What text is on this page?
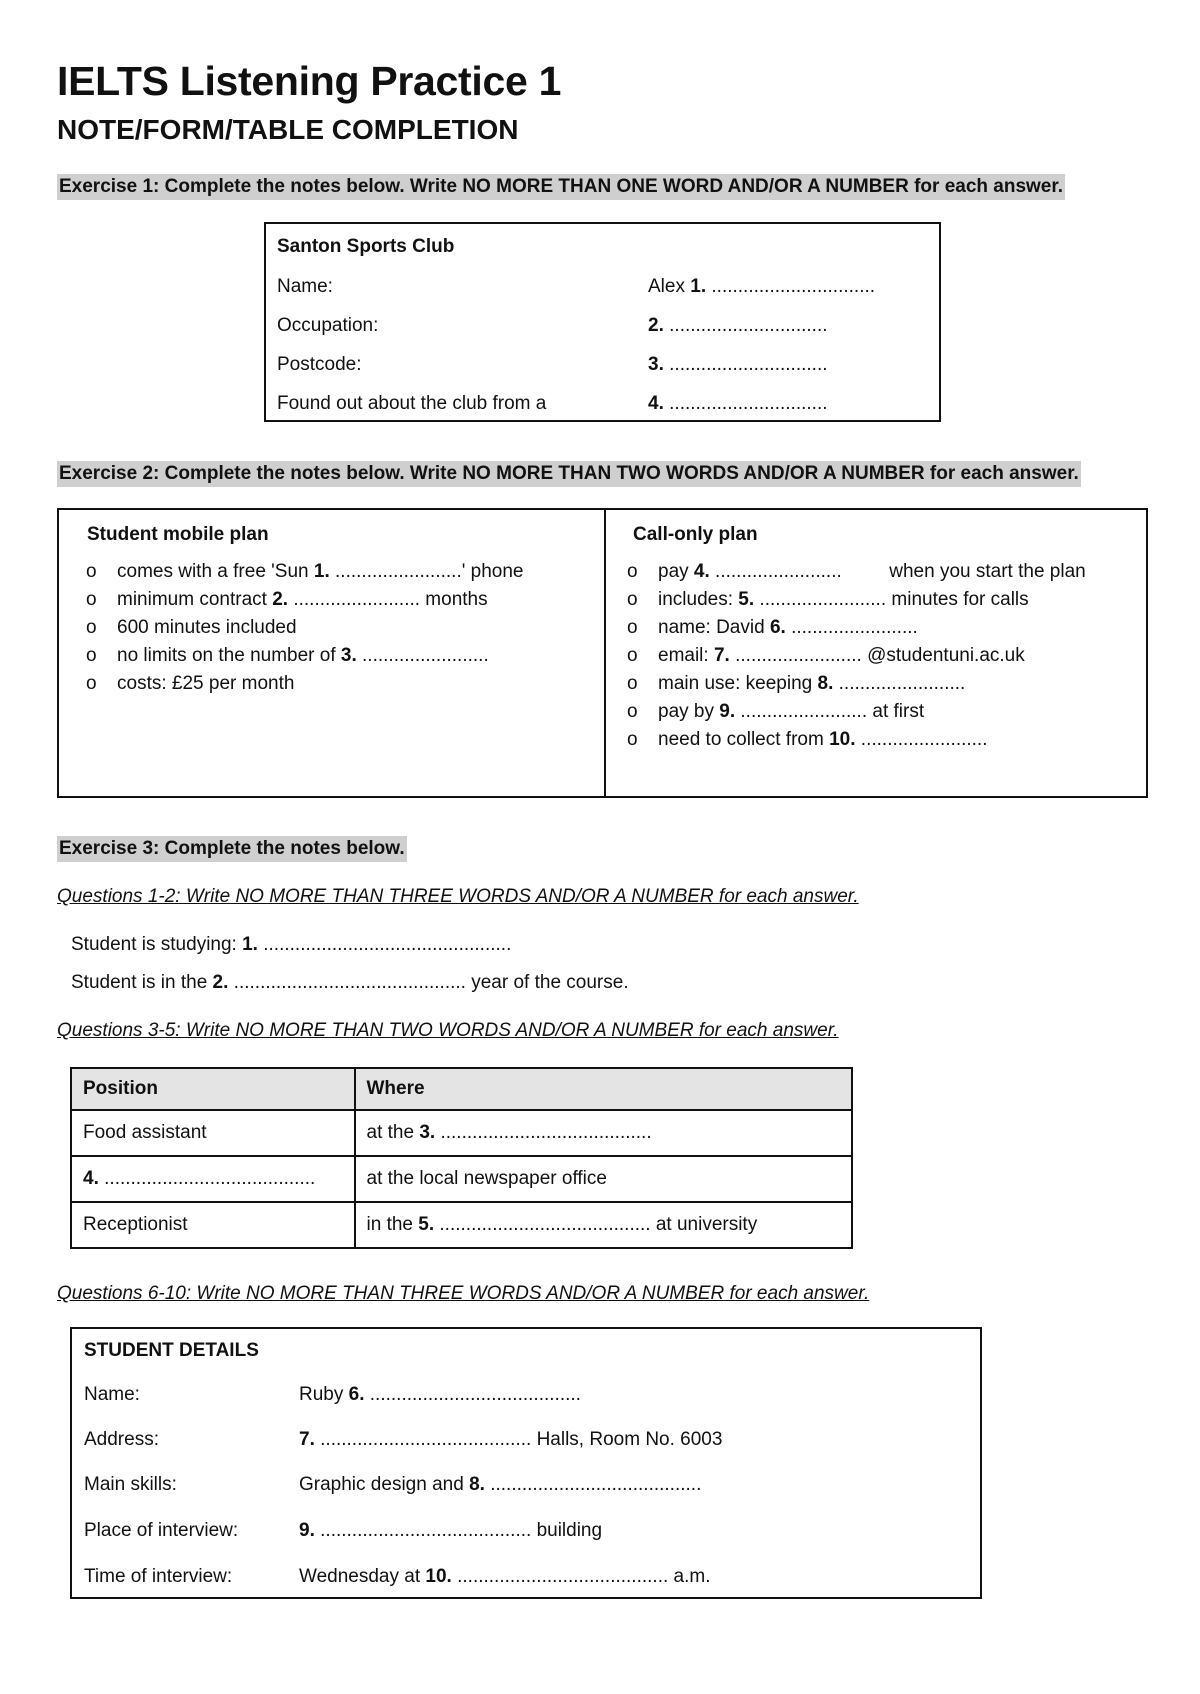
IELTS Listening Practice 1
NOTE/FORM/TABLE COMPLETION
Exercise 1: Complete the notes below. Write NO MORE THAN ONE WORD AND/OR A NUMBER for each answer.
Santon Sports Club
Name:	Alex 1. ...............................
Occupation:	2. ..............................
Postcode:	3. ..............................
Found out about the club from a	4. ..............................
Exercise 2: Complete the notes below. Write NO MORE THAN TWO WORDS AND/OR A NUMBER for each answer.
Student mobile plan
o comes with a free 'Sun 1. ........................' phone
o minimum contract 2. ........................ months
o 600 minutes included
o no limits on the number of 3. ........................
o costs: £25 per month
Call-only plan
o pay 4. ........................         when you start the plan
o includes: 5. ........................ minutes for calls
o name: David 6. ........................
o email: 7. ........................ @studentuni.ac.uk
o main use: keeping 8. ........................
o pay by 9. ........................ at first
o need to collect from 10. ........................
Exercise 3: Complete the notes below.
Questions 1-2: Write NO MORE THAN THREE WORDS AND/OR A NUMBER for each answer.
Student is studying: 1. ...............................................
Student is in the 2. ............................................ year of the course.
Questions 3-5: Write NO MORE THAN TWO WORDS AND/OR A NUMBER for each answer.
Position	Where
Food assistant	at the 3. ........................................
4. ........................................	at the local newspaper office
Receptionist	in the 5. ........................................ at university
Questions 6-10: Write NO MORE THAN THREE WORDS AND/OR A NUMBER for each answer.
STUDENT DETAILS
Name:	Ruby 6. ........................................
Address:	7. ........................................ Halls, Room No. 6003
Main skills:	Graphic design and 8. ........................................
Place of interview:	9. ........................................ building
Time of interview:	Wednesday at 10. ........................................ a.m.
